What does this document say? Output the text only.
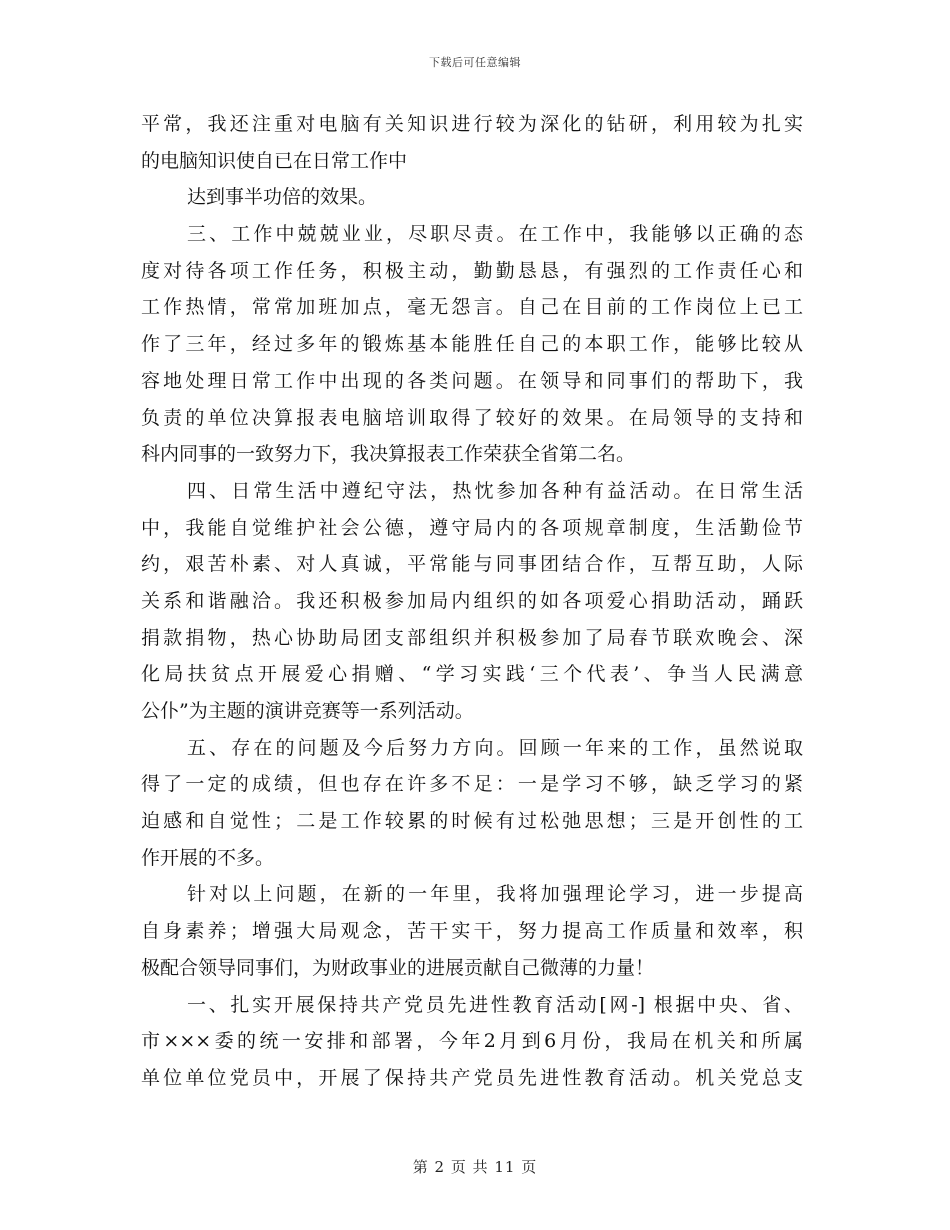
下载后可任意编辑
平常，我还注重对电脑有关知识进行较为深化的钻研，利用较为扎实
的电脑知识使自已在日常工作中
达到事半功倍的效果。
三、工作中兢兢业业，尽职尽责。在工作中，我能够以正确的态
度对待各项工作任务，积极主动，勤勤恳恳，有强烈的工作责任心和
工作热情，常常加班加点，毫无怨言。自己在目前的工作岗位上已工
作了三年，经过多年的锻炼基本能胜任自己的本职工作，能够比较从
容地处理日常工作中出现的各类问题。在领导和同事们的帮助下，我
负责的单位决算报表电脑培训取得了较好的效果。在局领导的支持和
科内同事的一致努力下，我决算报表工作荣获全省第二名。
四、日常生活中遵纪守法，热忱参加各种有益活动。在日常生活
中，我能自觉维护社会公德，遵守局内的各项规章制度，生活勤俭节
约，艰苦朴素、对人真诚，平常能与同事团结合作，互帮互助，人际
关系和谐融洽。我还积极参加局内组织的如各项爱心捐助活动，踊跃
捐款捐物，热心协助局团支部组织并积极参加了局春节联欢晚会、深
化局扶贫点开展爱心捐赠、“学习实践‘三个代表’、争当人民满意
公仆”为主题的演讲竞赛等一系列活动。
五、存在的问题及今后努力方向。回顾一年来的工作，虽然说取
得了一定的成绩，但也存在许多不足：一是学习不够，缺乏学习的紧
迫感和自觉性；二是工作较累的时候有过松弛思想；三是开创性的工
作开展的不多。
针对以上问题，在新的一年里，我将加强理论学习，进一步提高
自身素养；增强大局观念，苦干实干，努力提高工作质量和效率，积
极配合领导同事们，为财政事业的进展贡献自己微薄的力量！
一、扎实开展保持共产党员先进性教育活动[网-] 根据中央、省、
市×××委的统一安排和部署，今年2月到6月份，我局在机关和所属
单位单位党员中，开展了保持共产党员先进性教育活动。机关党总支
第 2 页 共 11 页
